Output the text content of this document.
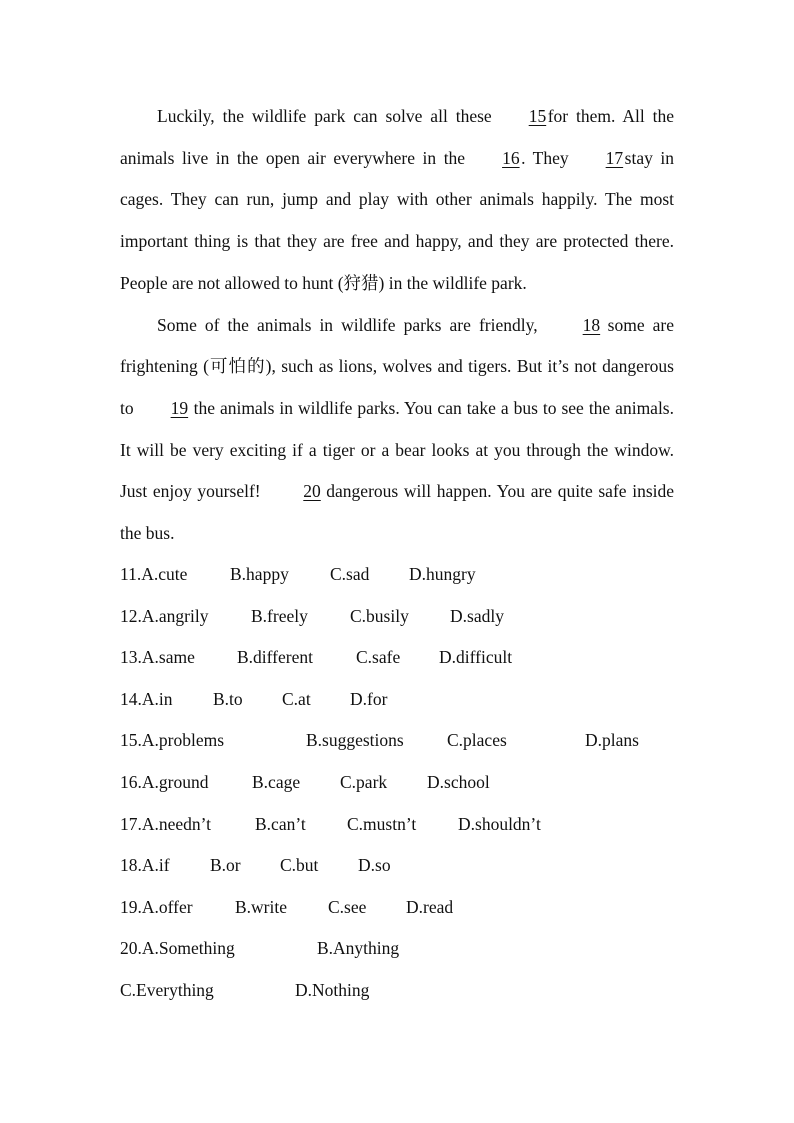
Luckily, the wildlife park can solve all these 15for them. All the animals live in the open air everywhere in the 16. They 17stay in cages. They can run, jump and play with other animals happily. The most important thing is that they are free and happy, and they are protected there. People are not allowed to hunt (狩猎) in the wildlife park.

Some of the animals in wildlife parks are friendly,	18 some are frightening (可怕的), such as lions, wolves and tigers. But it’s not dangerous to 19 the animals in wildlife parks. You can take a bus to see the animals. It will be very exciting if a tiger or a bear looks at you through the window. Just enjoy yourself! 20 dangerous will happen. You are quite safe inside the bus.

11.A.cute B.happy C.sad D.hungry
12.A.angrily B.freely C.busily D.sadly
13.A.same B.different C.safe D.difficult
14.A.in B.to C.at D.for
15.A.problems	B.suggestions C.places	D.plans
16.A.ground B.cage C.park D.school
17.A.needn’t	B.can’t C.mustn’t D.shouldn’t
18.A.if B.or C.but D.so
19.A.offer B.write C.see D.read
20.A.Something	B.Anything
C.Everything	D.Nothing
